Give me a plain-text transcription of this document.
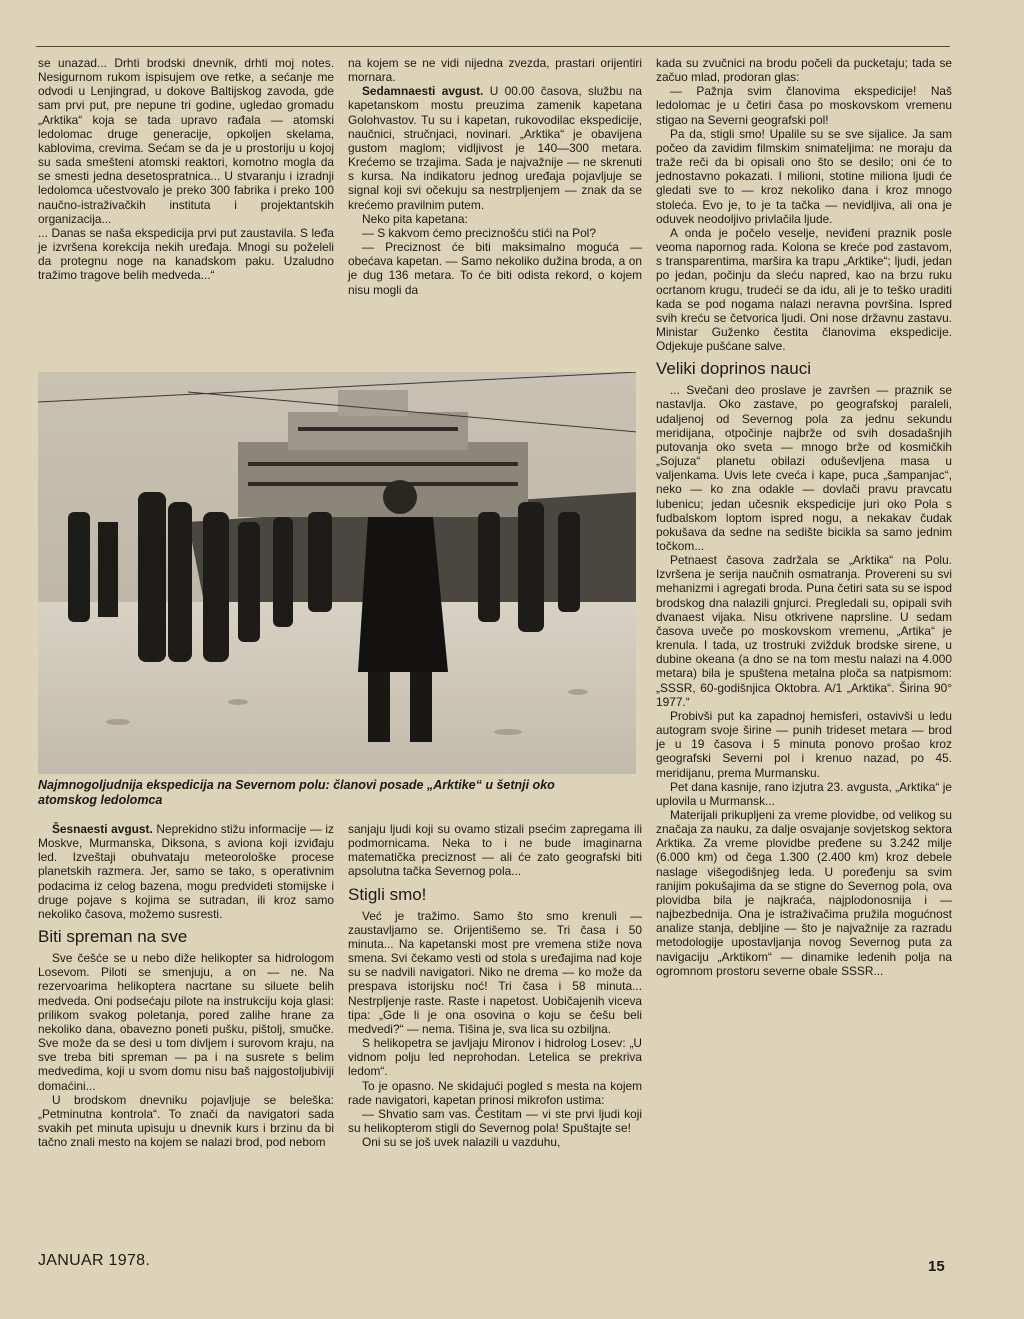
se unazad... Drhti brodski dnevnik, drhti moj notes. Nesigurnom rukom ispisujem ove retke, a sećanje me odvodi u Lenjingrad, u dokove Baltijskog zavoda, gde sam prvi put, pre nepune tri godine, ugledao gromadu „Arktika“ koja se tada upravo rađala — atomski ledolomac druge generacije, opkoljen skelama, kablovima, crevima. Sećam se da je u prostoriju u kojoj su sada smešteni atomski reaktori, komotno mogla da se smesti jedna desetospratnica... U stvaranju i izradnji ledolomca učestvovalo je preko 300 fabrika i preko 100 naučno-istraživačkih instituta i projektantskih organizacija...

... Danas se naša ekspedicija prvi put zaustavila. S leđa je izvršena korekcija nekih uređaja. Mnogi su poželeli da protegnu noge na kanadskom paku. Uzaludno tražimo tragove belih medveda...“

na kojem se ne vidi nijedna zvezda, prastari orijentiri mornara.

Sedamnaesti avgust. U 00.00 časova, službu na kapetanskom mostu preuzima zamenik kapetana Golohvastov. Tu su i kapetan, rukovodilac ekspedicije, naučnici, stručnjaci, novinari. „Arktika“ je obavijena gustom maglom; vidljivost je 140—300 metara. Krećemo se trzajima. Sada je najvažnije — ne skrenuti s kursa. Na indikatoru jednog uređaja pojavljuje se signal koji svi očekuju sa nestrpljenjem — znak da se krećemo pravilnim putem.

Neko pita kapetana:

— S kakvom ćemo preciznošću stići na Pol?

— Preciznost će biti maksimalno moguća — obećava kapetan. — Samo nekoliko dužina broda, a on je dug 136 metara. To će biti odista rekord, o kojem nisu mogli da

kada su zvučnici na brodu počeli da pucketaju; tada se začuo mlad, prodoran glas:

— Pažnja svim članovima ekspedicije! Naš ledolomac je u četiri časa po moskovskom vremenu stigao na Severni geografski pol!

Pa da, stigli smo! Upalile su se sve sijalice. Ja sam počeo da zavidim filmskim snimateljima: ne moraju da traže reči da bi opisali ono što se desilo; oni će to jednostavno pokazati. I milioni, stotine miliona ljudi će gledati sve to — kroz nekoliko dana i kroz mnogo stoleća. Evo je, to je ta tačka — nevidljiva, ali ona je oduvek neodoljivo privlačila ljude.

A onda je počelo veselje, neviđeni praznik posle veoma napornog rada. Kolona se kreće pod zastavom, s transparentima, maršira ka trapu „Arktike“; ljudi, jedan po jedan, počinju da sleću napred, kao na brzu ruku ocrtanom krugu, trudeći se da idu, ali je to teško uraditi kada se pod nogama nalazi neravna površina. Ispred svih kreću se četvorica ljudi. Oni nose državnu zastavu. Ministar Guženko čestita članovima ekspedicije. Odjekuje pušćane salve.

Veliki doprinos nauci

... Svečani deo proslave je završen — praznik se nastavlja. Oko zastave, po geografskoj paraleli, udaljenoj od Severnog pola za jednu sekundu meridijana, otpočinje najbrže od svih dosadašnjih putovanja oko sveta — mnogo brže od kosmičkih „Sojuza“ planetu obilazi oduševljena masa u valjenkama. Uvis lete cveća i kape, puca „šampanjac“, neko — ko zna odakle — dovlači pravu pravcatu lubenicu; jedan učesnik ekspedicije juri oko Pola s fudbalskom loptom ispred nogu, a nekakav čudak pokušava da sedne na sedište bicikla sa samo jednim točkom...

Petnaest časova zadržala se „Arktika“ na Polu. Izvršena je serija naučnih osmatranja. Provereni su svi mehanizmi i agregati broda. Puna četiri sata su se ispod brodskog dna nalazili gnjurci. Pregledali su, opipali svih dvanaest vijaka. Nisu otkrivene naprsline. U sedam časova uveče po moskovskom vremenu, „Artika“ je krenula. I tada, uz trostruki zvižduk brodske sirene, u dubine okeana (a dno se na tom mestu nalazi na 4.000 metara) bila je spuštena metalna ploča sa natpismom: „SSSR, 60-godišnjica Oktobra. A/1 „Arktika“. Širina 90° 1977.“

Probivši put ka zapadnoj hemisferi, ostavivši u ledu autogram svoje širine — punih trideset metara — brod je u 19 časova i 5 minuta ponovo prošao kroz geografski Severni pol i krenuo nazad, po 45. meridijanu, prema Murmansku.

Pet dana kasnije, rano izjutra 23. avgusta, „Arktika“ je uplovila u Murmansk...

Materijali prikupljeni za vreme plovidbe, od velikog su značaja za nauku, za dalje osvajanje sovjetskog sektora Arktika. Za vreme plovidbe pređene su 3.242 milje (6.000 km) od čega 1.300 (2.400 km) kroz debele naslage višegodišnjeg leda. U poređenju sa svim ranijim pokušajima da se stigne do Severnog pola, ova plovidba bila je najkraća, najplodonosnija i — najbezbednija. Ona je istraživačima pružila mogućnost analize stanja, debljine — što je najvažnije za razradu metodologije upostavljanja novog Severnog puta za navigaciju „Arktikom“ — dinamike ledenih polja na ogromnom prostoru severne obale SSSR...

Najmnogoljudnija ekspedicija na Severnom polu: članovi posade „Arktike“ u šetnji oko atomskog ledolomca

Šesnaesti avgust. Neprekidno stižu informacije — iz Moskve, Murmanska, Diksona, s aviona koji izviđaju led. Izveštaji obuhvataju meteorološke procese planetskih razmera. Jer, samo se tako, s operativnim podacima iz celog bazena, mogu predvideti stomijske i druge pojave s kojima se sutradan, ili kroz samo nekoliko časova, možemo susresti.

Biti spreman na sve

Sve češće se u nebo diže helikopter sa hidrologom Losevom. Piloti se smenjuju, a on — ne. Na rezervoarima helikoptera nacrtane su siluete belih medveda. Oni podsećaju pilote na instrukciju koja glasi: prilikom svakog poletanja, pored zalihe hrane za nekoliko dana, obavezno poneti pušku, pištolj, smučke. Sve može da se desi u tom divljem i surovom kraju, na sve treba biti spreman — pa i na susrete s belim medvedima, koji u svom domu nisu baš najgostoljubiviji domaćini...

U brodskom dnevniku pojavljuje se beleška: „Petminutna kontrola“. To znači da navigatori sada svakih pet minuta upisuju u dnevnik kurs i brzinu da bi tačno znali mesto na kojem se nalazi brod, pod nebom

sanjaju ljudi koji su ovamo stizali psećim zapregama ili podmornicama. Neka to i ne bude imaginarna matematička preciznost — ali će zato geografski biti apsolutna tačka Severnog pola...

Stigli smo!

Već je tražimo. Samo što smo krenuli — zaustavljamo se. Orijentišemo se. Tri časa i 50 minuta... Na kapetanski most pre vremena stiže nova smena. Svi čekamo vesti od stola s uređajima nad koje su se nadvili navigatori. Niko ne drema — ko može da prespava istorijsku noć! Tri časa i 58 minuta... Nestrpljenje raste. Raste i napetost. Uobičajenih viceva tipa: „Gde li je ona osovina o koju se češu beli medvedi?“ — nema. Tišina je, sva lica su ozbiljna.

S helikopetra se javljaju Mironov i hidrolog Losev: „U vidnom polju led neprohodan. Letelica se prekriva ledom“.

To je opasno. Ne skidajući pogled s mesta na kojem rade navigatori, kapetan prinosi mikrofon ustima:

— Shvatio sam vas. Čestitam — vi ste prvi ljudi koji su helikopterom stigli do Severnog pola! Spuštajte se!

Oni su se još uvek nalazili u vazduhu,

JANUAR 1978.	15
